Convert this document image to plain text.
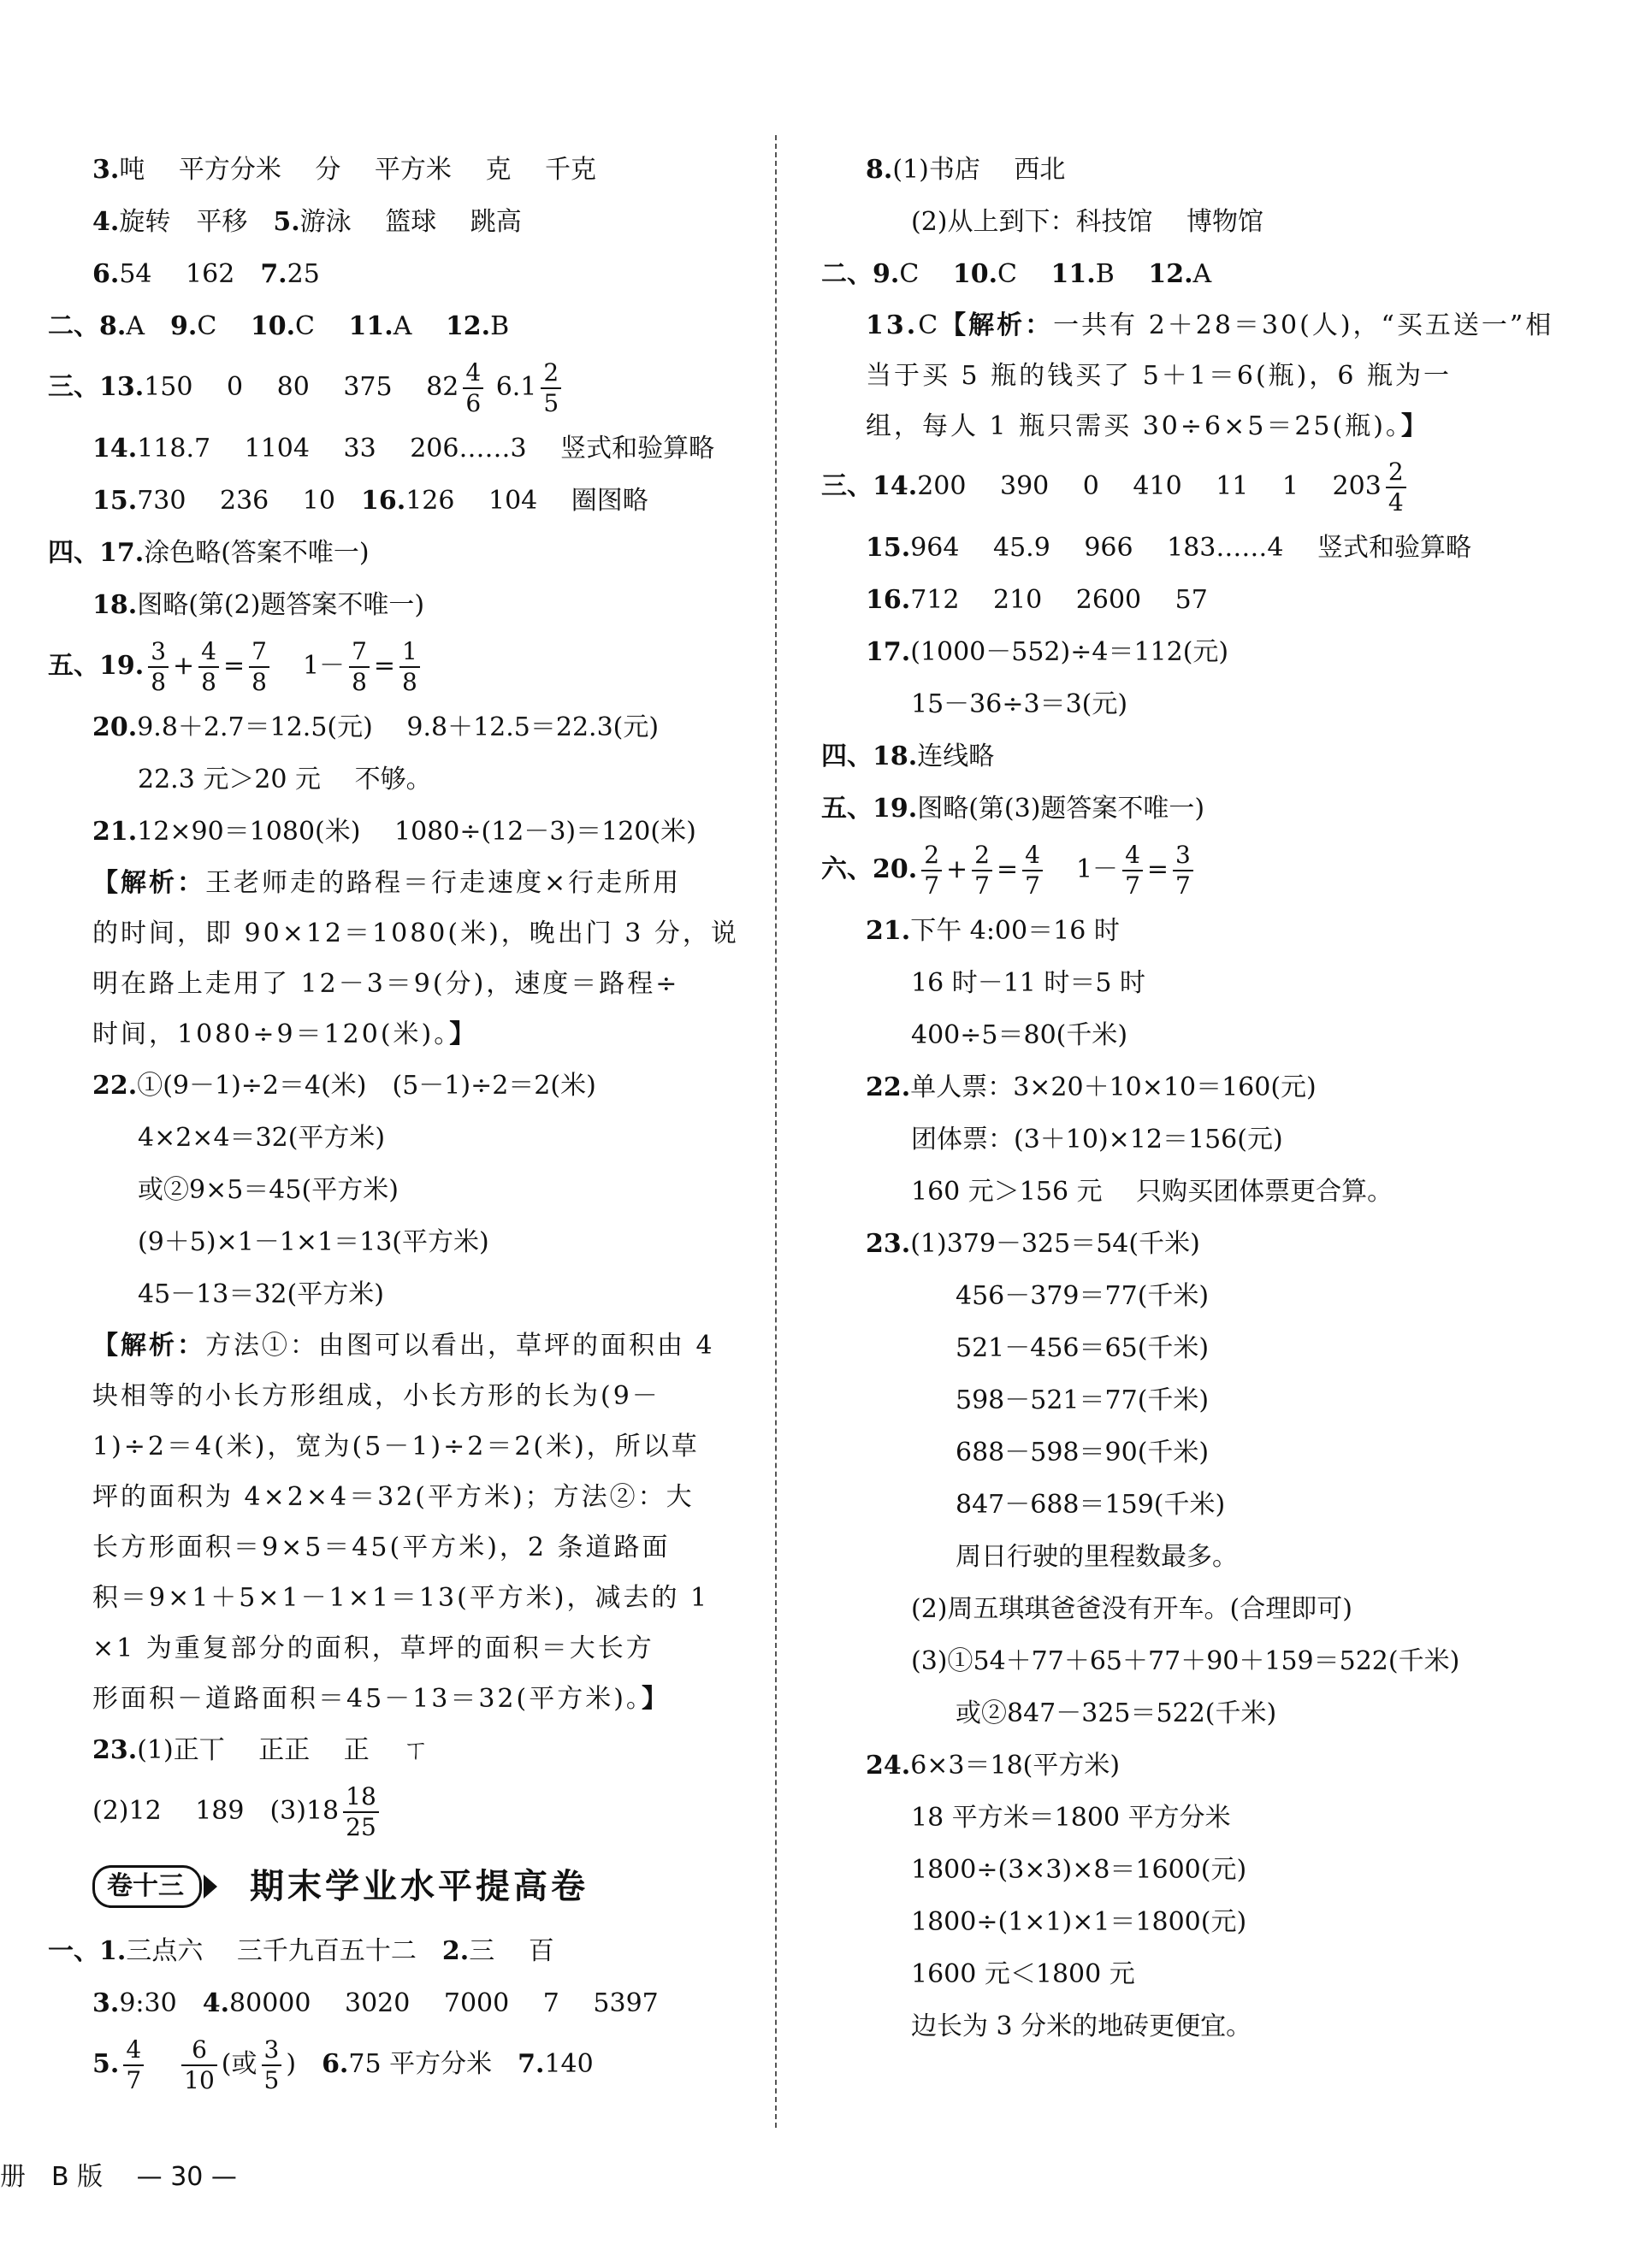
3.吨　 平方分米　 分　 平方米　 克　 千克
4.旋转　平移　5.游泳　 篮球　 跳高
6.54　 162　7.25
二、8.A　9.C　 10.C　 11.A　 12.B
三、13.150　 0　 80　 375　 $82 \frac{4}{6} 6.1 \frac{2}{5}$
14.118.7　 1104　 33　 206……3　 竖式和验算略
15.730　 236　 10　16.126　 104　 圈图略
四、17.涂色略(答案不唯一)
18.图略(第(2)题答案不唯一)
五、19. $\frac{3}{8} + \frac{4}{8} = \frac{7}{8} 1- \frac{7}{8} = \frac{1}{8}$
20.9.8＋2.7＝12.5(元)　 9.8＋12.5＝22.3(元)
22.3 元＞20 元　 不够。
21.12×90＝1080(米)　 1080÷(12－3)＝120(米)
【解析：王老师走的路程＝行走速度×行走所用
的时间，即 90×12＝1080(米)，晚出门 3 分，说
明在路上走用了 12－3＝9(分)，速度＝路程÷
时间，1080÷9＝120(米)。】
22.①(9－1)÷2＝4(米)　(5－1)÷2＝2(米)
4×2×4＝32(平方米)
或②9×5＝45(平方米)
(9＋5)×1－1×1＝13(平方米)
45－13＝32(平方米)
【解析：方法①：由图可以看出，草坪的面积由 4
块相等的小长方形组成，小长方形的长为(9－
1)÷2＝4(米)，宽为(5－1)÷2＝2(米)，所以草
坪的面积为 4×2×4＝32(平方米)；方法②：大
长方形面积＝9×5＝45(平方米)，2 条道路面
积＝9×1＋5×1－1×1＝13(平方米)，减去的 1
×1 为重复部分的面积，草坪的面积＝大长方
形面积－道路面积＝45－13＝32(平方米)。】
23.(1)正丅　 正正　 正　 ㄒ
(2)12　 189　$(3)18 \frac{18}{25}$
卷十三 期末学业水平提高卷
一、1.三点六　 三千九百五十二　2.三　 百
3.9:30　4.80000　 3020　 7000　 7　 5397
5. $\frac{4}{7} \frac{6}{10}$ (或 $\frac{3}{5}$ )　 6.75 平方分米　7.140
8.(1)书店　 西北
(2)从上到下：科技馆　 博物馆
二、9.C　 10.C　 11.B　 12.A
13.C【解析：一共有 2＋28＝30(人)，“买五送一”相
当于买 5 瓶的钱买了 5＋1＝6(瓶)，6 瓶为一
组，每人 1 瓶只需买 30÷6×5＝25(瓶)。】
三、14.200　 390　 0　 410　 11　 1　 $203 \frac{2}{4}$
15.964　 45.9　 966　 183……4　 竖式和验算略
16.712　 210　 2600　 57
17.(1000－552)÷4＝112(元)
15－36÷3＝3(元)
四、18.连线略
五、19.图略(第(3)题答案不唯一)
六、20. $\frac{2}{7} + \frac{2}{7} = \frac{4}{7} 1- \frac{4}{7} = \frac{3}{7}$
21.下午 4:00＝16 时
16 时－11 时＝5 时
400÷5＝80(千米)
22.单人票：3×20＋10×10＝160(元)
团体票：(3＋10)×12＝156(元)
160 元＞156 元　 只购买团体票更合算。
23.(1)379－325＝54(千米)
456－379＝77(千米)
521－456＝65(千米)
598－521＝77(千米)
688－598＝90(千米)
847－688＝159(千米)
周日行驶的里程数最多。
(2)周五琪琪爸爸没有开车。(合理即可)
(3)①54＋77＋65＋77＋90＋159＝522(千米)
或②847－325＝522(千米)
24.6×3＝18(平方米)
18 平方米＝1800 平方分米
1800÷(3×3)×8＝1600(元)
1800÷(1×1)×1＝1800(元)
1600 元＜1800 元
边长为 3 分米的地砖更便宜。
册　B 版　 — 30 —
